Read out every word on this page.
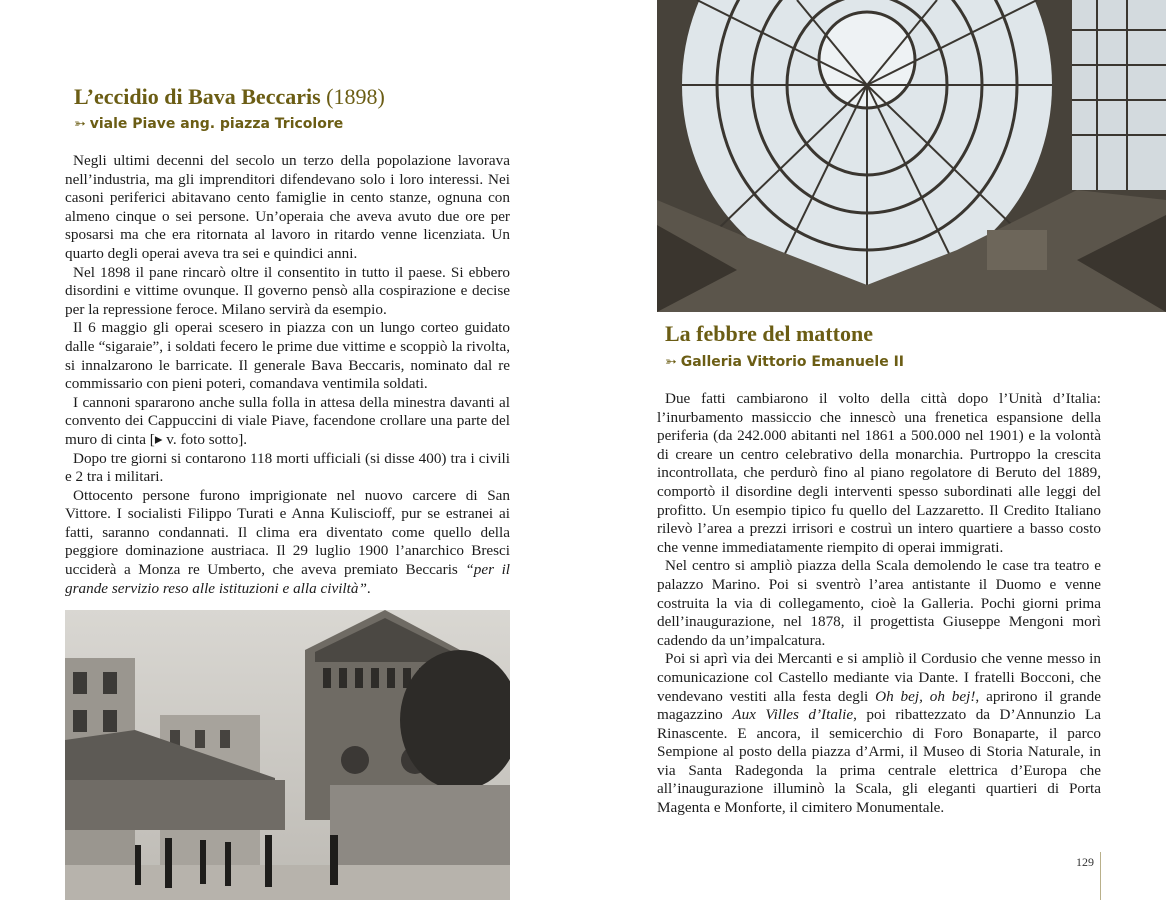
L’eccidio di Bava Beccaris (1898)
➳ viale Piave ang. piazza Tricolore

Negli ultimi decenni del secolo un terzo della popolazione lavorava nell’industria, ma gli imprenditori difendevano solo i loro interessi. Nei casoni periferici abitavano cento famiglie in cento stanze, ognuna con almeno cinque o sei persone. Un’operaia che aveva avuto due ore per sposarsi ma che era ritornata al lavoro in ritardo venne licenziata. Un quarto degli operai aveva tra sei e quindici anni.

Nel 1898 il pane rincarò oltre il consentito in tutto il paese. Si ebbero disordini e vittime ovunque. Il governo pensò alla cospirazione e decise per la repressione feroce. Milano servirà da esempio.

Il 6 maggio gli operai scesero in piazza con un lungo corteo guidato dalle “sigaraie”, i soldati fecero le prime due vittime e scoppiò la rivolta, si innalzarono le barricate. Il generale Bava Beccaris, nominato dal re commissario con pieni poteri, comandava ventimila soldati.

I cannoni spararono anche sulla folla in attesa della minestra davanti al convento dei Cappuccini di viale Piave, facendone crollare una parte del muro di cinta [▸ v. foto sotto].

Dopo tre giorni si contarono 118 morti ufficiali (si disse 400) tra i civili e 2 tra i militari.

Ottocento persone furono imprigionate nel nuovo carcere di San Vittore. I socialisti Filippo Turati e Anna Kuliscioff, pur se estranei ai fatti, saranno condannati. Il clima era diventato come quello della peggiore dominazione austriaca. Il 29 luglio 1900 l’anarchico Bresci ucciderà a Monza re Umberto, che aveva premiato Beccaris “per il grande servizio reso alle istituzioni e alla civiltà”.

La febbre del mattone
➳ Galleria Vittorio Emanuele II

Due fatti cambiarono il volto della città dopo l’Unità d’Italia: l’inurbamento massiccio che innescò una frenetica espansione della periferia (da 242.000 abitanti nel 1861 a 500.000 nel 1901) e la volontà di creare un centro celebrativo della monarchia. Purtroppo la crescita incontrollata, che perdurò fino al piano regolatore di Beruto del 1889, comportò il disordine degli interventi spesso subordinati alle leggi del profitto. Un esempio tipico fu quello del Lazzaretto. Il Credito Italiano rilevò l’area a prezzi irrisori e costruì un intero quartiere a basso costo che venne immediatamente riempito di operai immigrati.

Nel centro si ampliò piazza della Scala demolendo le case tra teatro e palazzo Marino. Poi si sventrò l’area antistante il Duomo e venne costruita la via di collegamento, cioè la Galleria. Pochi giorni prima dell’inaugurazione, nel 1878, il progettista Giuseppe Mengoni morì cadendo da un’impalcatura.

Poi si aprì via dei Mercanti e si ampliò il Cordusio che venne messo in comunicazione col Castello mediante via Dante. I fratelli Bocconi, che vendevano vestiti alla festa degli Oh bej, oh bej!, aprirono il grande magazzino Aux Villes d’Italie, poi ribattezzato da D’Annunzio La Rinascente. E ancora, il semicerchio di Foro Bonaparte, il parco Sempione al posto della piazza d’Armi, il Museo di Storia Naturale, in via Santa Radegonda la prima centrale elettrica d’Europa che all’inaugurazione illuminò la Scala, gli eleganti quartieri di Porta Magenta e Monforte, il cimitero Monumentale.

129
